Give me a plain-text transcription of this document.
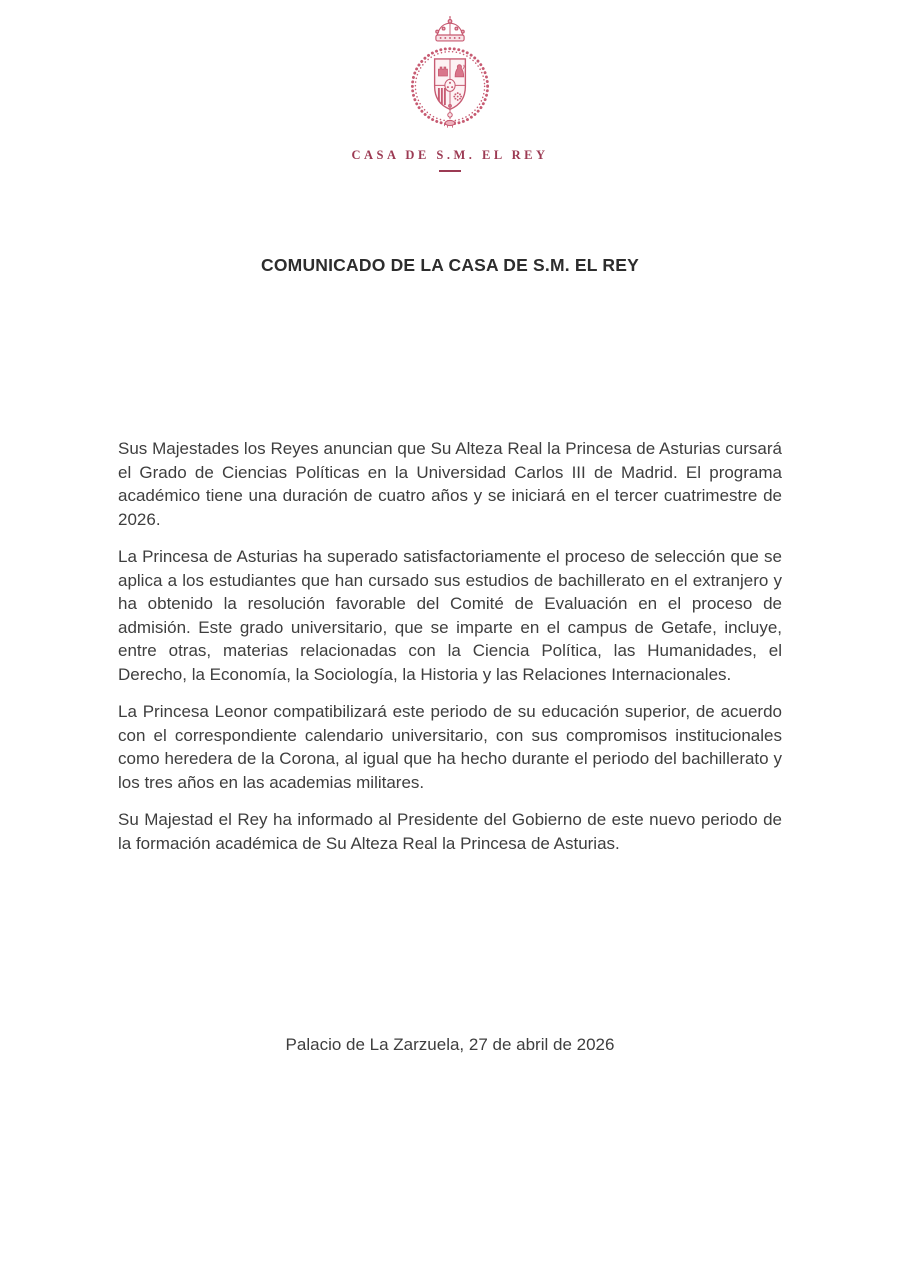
CASA DE S.M. EL REY
COMUNICADO DE LA CASA DE S.M. EL REY

Sus Majestades los Reyes anuncian que Su Alteza Real la Princesa de Asturias cursará el Grado de Ciencias Políticas en la Universidad Carlos III de Madrid. El programa académico tiene una duración de cuatro años y se iniciará en el tercer cuatrimestre de 2026.

La Princesa de Asturias ha superado satisfactoriamente el proceso de selección que se aplica a los estudiantes que han cursado sus estudios de bachillerato en el extranjero y ha obtenido la resolución favorable del Comité de Evaluación en el proceso de admisión. Este grado universitario, que se imparte en el campus de Getafe, incluye, entre otras, materias relacionadas con la Ciencia Política, las Humanidades, el Derecho, la Economía, la Sociología, la Historia y las Relaciones Internacionales.

La Princesa Leonor compatibilizará este periodo de su educación superior, de acuerdo con el correspondiente calendario universitario, con sus compromisos institucionales como heredera de la Corona, al igual que ha hecho durante el periodo del bachillerato y los tres años en las academias militares.

Su Majestad el Rey ha informado al Presidente del Gobierno de este nuevo periodo de la formación académica de Su Alteza Real la Princesa de Asturias.

Palacio de La Zarzuela, 27 de abril de 2026
